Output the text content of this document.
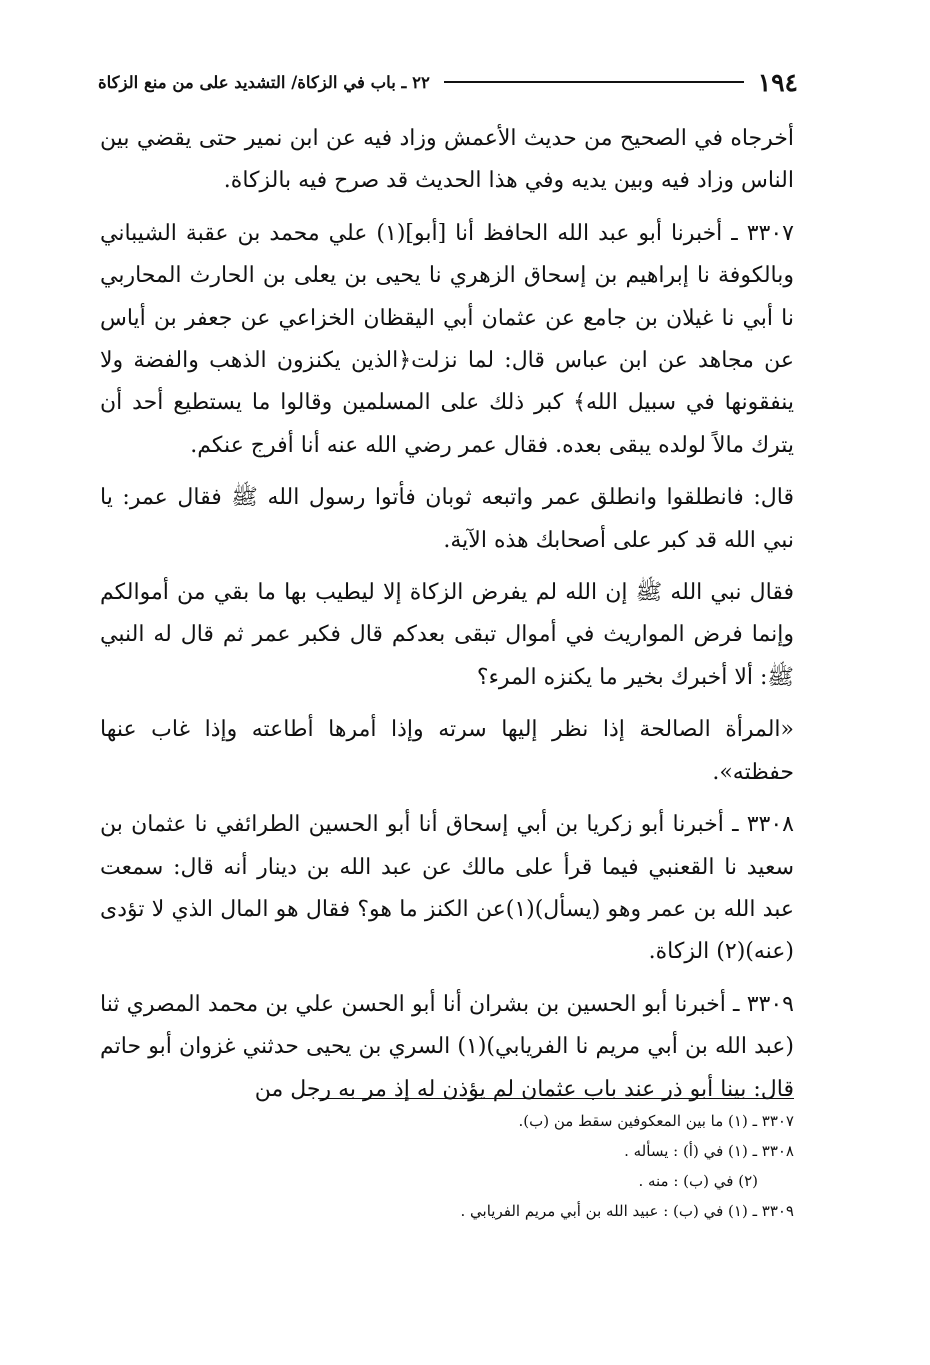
١٩٤
٢٢ ـ باب في الزكاة/ التشديد على من منع الزكاة

أخرجاه في الصحيح من حديث الأعمش وزاد فيه عن ابن نمير حتى يقضي بين الناس وزاد فيه وبين يديه وفي هذا الحديث قد صرح فيه بالزكاة.

٣٣٠٧ ـ أخبرنا أبو عبد الله الحافظ أنا [أبو](١) علي محمد بن عقبة الشيباني وبالكوفة نا إبراهيم بن إسحاق الزهري نا يحيى بن يعلى بن الحارث المحاربي نا أبي نا غيلان بن جامع عن عثمان أبي اليقظان الخزاعي عن جعفر بن أياس عن مجاهد عن ابن عباس قال: لما نزلت﴿الذين يكنزون الذهب والفضة ولا ينفقونها في سبيل الله﴾ كبر ذلك على المسلمين وقالوا ما يستطيع أحد أن يترك مالاً لولده يبقى بعده. فقال عمر رضي الله عنه أنا أفرج عنكم.

قال: فانطلقوا وانطلق عمر واتبعه ثوبان فأتوا رسول الله ﷺ فقال عمر: يا نبي الله قد كبر على أصحابك هذه الآية.

فقال نبي الله ﷺ إن الله لم يفرض الزكاة إلا ليطيب بها ما بقي من أموالكم وإنما فرض المواريث في أموال تبقى بعدكم قال فكبر عمر ثم قال له النبي ﷺ: ألا أخبرك بخير ما يكنزه المرء؟

«المرأة الصالحة إذا نظر إليها سرته وإذا أمرها أطاعته وإذا غاب عنها حفظته».

٣٣٠٨ ـ أخبرنا أبو زكريا بن أبي إسحاق أنا أبو الحسين الطرائفي نا عثمان بن سعيد نا القعنبي فيما قرأ على مالك عن عبد الله بن دينار أنه قال: سمعت عبد الله بن عمر وهو (يسأل)(١)عن الكنز ما هو؟ فقال هو المال الذي لا تؤدى (عنه)(٢) الزكاة.

٣٣٠٩ ـ أخبرنا أبو الحسين بن بشران أنا أبو الحسن علي بن محمد المصري ثنا (عبد الله بن أبي مريم نا الفريابي)(١) السري بن يحيى حدثني غزوان أبو حاتم قال: بينا أبو ذر عند باب عثمان لم يؤذن له إذ مر به رجل من

٣٣٠٧ ـ (١) ما بين المعكوفين سقط من (ب).

٣٣٠٨ ـ (١) في (أ) : يسأله .

(٢) في (ب) : منه .

٣٣٠٩ ـ (١) في (ب) : عبيد الله بن أبي مريم الفريابي .
